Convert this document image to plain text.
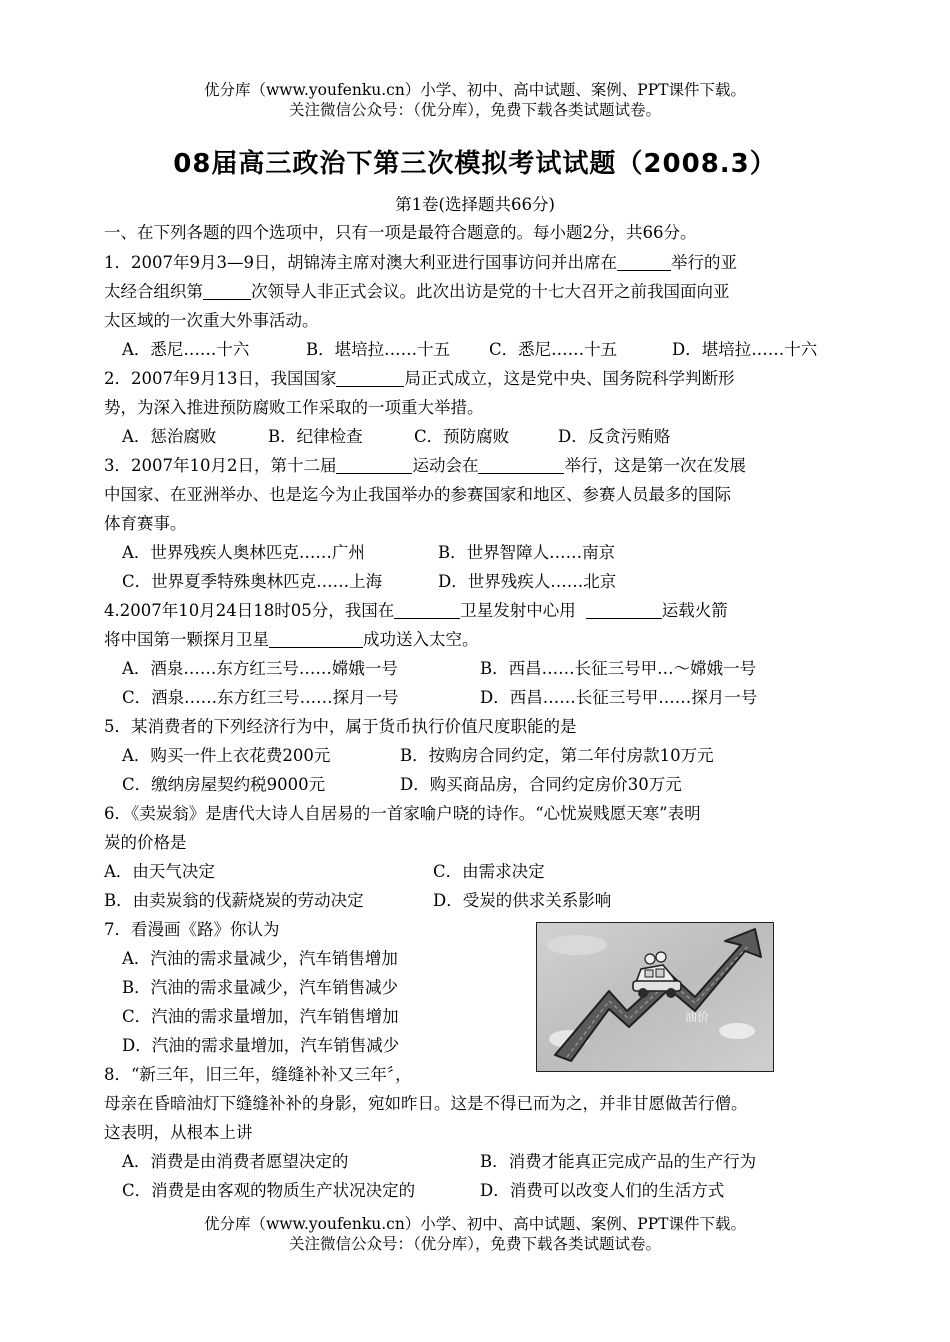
优分库（www.youfenku.cn）小学、初中、高中试题、案例、PPT课件下载。
关注微信公众号：（优分库），免费下载各类试题试卷。
08届高三政治下第三次模拟考试试题（2008.3）
第1卷(选择题共66分)
一、在下列各题的四个选项中，只有一项是最符合题意的。每小题2分，共66分。
1．2007年9月3—9日，胡锦涛主席对澳大利亚进行国事访问并出席在	举行的亚
太经合组织第	次领导人非正式会议。此次出访是党的十七大召开之前我国面向亚
太区域的一次重大外事活动。
A．悉尼……十六	B．堪培拉……十五 C．悉尼……十五	D．堪培拉……十六
2．2007年9月13日，我国国家	局正式成立，这是党中央、国务院科学判断形
势，为深入推进预防腐败工作采取的一项重大举措。
A．惩治腐败	B．纪律检查	C．预防腐败	D．反贪污贿赂
3．2007年10月2日，第十二届	运动会在	举行，这是第一次在发展
中国家、在亚洲举办、也是迄今为止我国举办的参赛国家和地区、参赛人员最多的国际
体育赛事。
A．世界残疾人奥林匹克……广州	B．世界智障人……南京
C．世界夏季特殊奥林匹克……上海	D．世界残疾人……北京
4.2007年10月24日18时05分，我国在	卫星发射中心用	运载火箭
将中国第一颗探月卫星	成功送入太空。
A．酒泉……东方红三号……嫦娥一号	B．西昌……长征三号甲…～嫦娥一号
C．酒泉……东方红三号……探月一号	D．西昌……长征三号甲……探月一号
5．某消费者的下列经济行为中，属于货币执行价值尺度职能的是
A．购买一件上衣花费200元	B．按购房合同约定，第二年付房款10万元
C．缴纳房屋契约税9000元	D．购买商品房，合同约定房价30万元
6．《卖炭翁》是唐代大诗人自居易的一首家喻户晓的诗作。“心忧炭贱愿天寒”表明
炭的价格是
A．由天气决定	C．由需求决定
B．由卖炭翁的伐薪烧炭的劳动决定	D．受炭的供求关系影响
7．看漫画《路》你认为
A．汽油的需求量减少，汽车销售增加
B．汽油的需求量减少，汽车销售减少
C．汽油的需求量增加，汽车销售增加
D．汽油的需求量增加，汽车销售减少
油价
8．“新三年，旧三年，缝缝补补又三年〞，
母亲在昏暗油灯下缝缝补补的身影，宛如昨日。这是不得已而为之，并非甘愿做苦行僧。
这表明，从根本上讲
A．消费是由消费者愿望决定的	B．消费才能真正完成产品的生产行为
C．消费是由客观的物质生产状况决定的	D．消费可以改变人们的生活方式
优分库（www.youfenku.cn）小学、初中、高中试题、案例、PPT课件下载。
关注微信公众号：（优分库），免费下载各类试题试卷。
